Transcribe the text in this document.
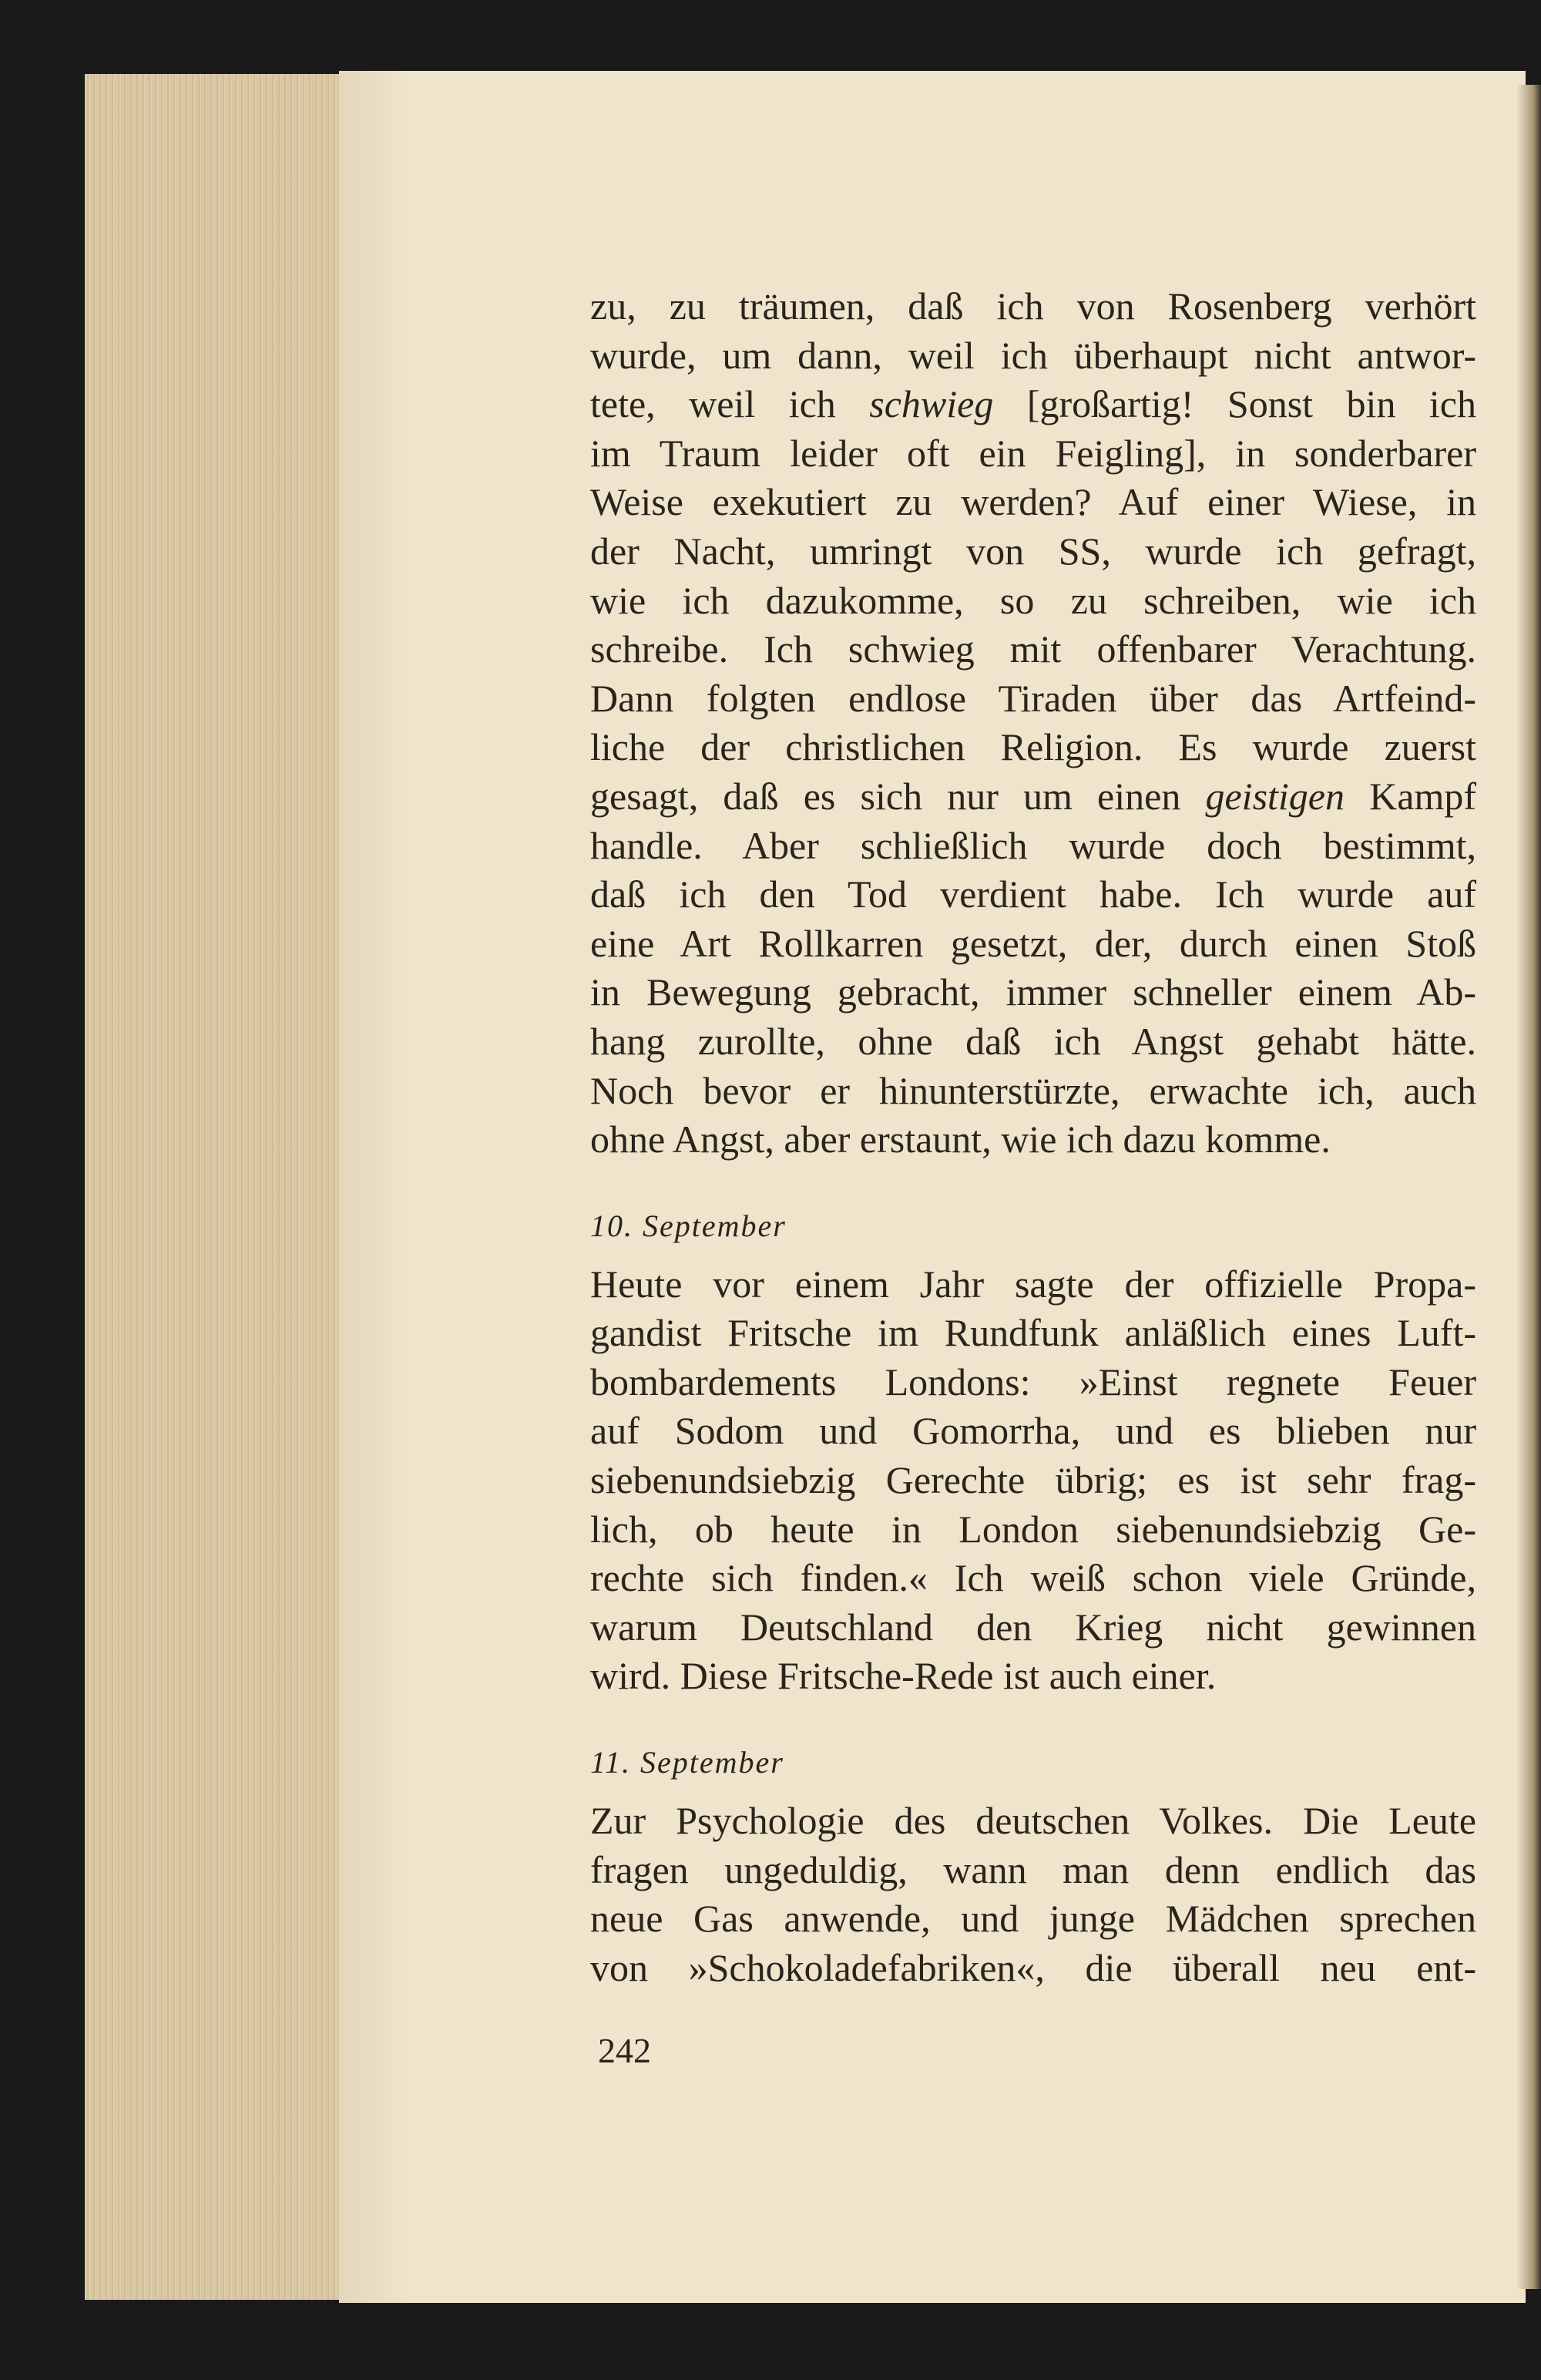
zu, zu träumen, daß ich von Rosenberg verhört
wurde, um dann, weil ich überhaupt nicht antwor-
tete, weil ich schwieg [großartig! Sonst bin ich
im Traum leider oft ein Feigling], in sonderbarer
Weise exekutiert zu werden? Auf einer Wiese, in
der Nacht, umringt von SS, wurde ich gefragt,
wie ich dazukomme, so zu schreiben, wie ich
schreibe. Ich schwieg mit offenbarer Verachtung.
Dann folgten endlose Tiraden über das Artfeind-
liche der christlichen Religion. Es wurde zuerst
gesagt, daß es sich nur um einen geistigen Kampf
handle. Aber schließlich wurde doch bestimmt,
daß ich den Tod verdient habe. Ich wurde auf
eine Art Rollkarren gesetzt, der, durch einen Stoß
in Bewegung gebracht, immer schneller einem Ab-
hang zurollte, ohne daß ich Angst gehabt hätte.
Noch bevor er hinunterstürzte, erwachte ich, auch
ohne Angst, aber erstaunt, wie ich dazu komme.

10. September

Heute vor einem Jahr sagte der offizielle Propa-
gandist Fritsche im Rundfunk anläßlich eines Luft-
bombardements Londons: »Einst regnete Feuer
auf Sodom und Gomorrha, und es blieben nur
siebenundsiebzig Gerechte übrig; es ist sehr frag-
lich, ob heute in London siebenundsiebzig Ge-
rechte sich finden.« Ich weiß schon viele Gründe,
warum Deutschland den Krieg nicht gewinnen
wird. Diese Fritsche-Rede ist auch einer.

11. September

Zur Psychologie des deutschen Volkes. Die Leute
fragen ungeduldig, wann man denn endlich das
neue Gas anwende, und junge Mädchen sprechen
von »Schokoladefabriken«, die überall neu ent-

242
